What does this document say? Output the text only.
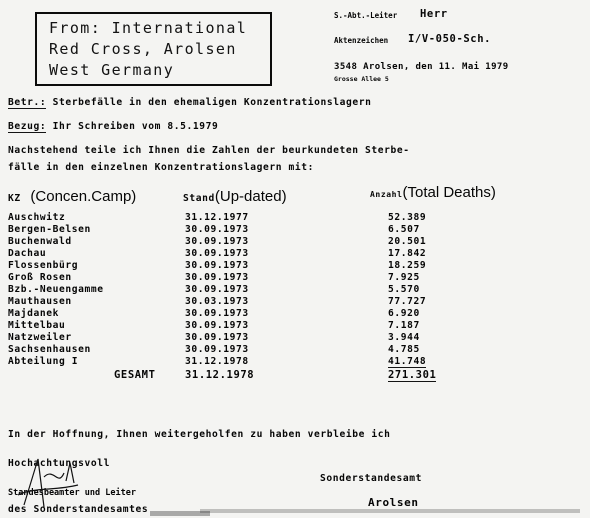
From: International
Red Cross, Arolsen
West Germany
S.-Abt.-Leiter Herr
Aktenzeichen I/V-050-Sch.
3548 Arolsen, den 11. Mai 1979
Grosse Allee 5
Betr.: Sterbefälle in den ehemaligen Konzentrationslagern
Bezug: Ihr Schreiben vom 8.5.1979
Nachstehend teile ich Ihnen die Zahlen der beurkundeten Sterbe-
fälle in den einzelnen Konzentrationslagern mit:
KZ (Concen.Camp)	Stand(Up-dated)	Anzahl(Total Deaths)
Auschwitz	31.12.1977	52.389
Bergen-Belsen	30.09.1973	6.507
Buchenwald	30.09.1973	20.501
Dachau	30.09.1973	17.842
Flossenbürg	30.09.1973	18.259
Groß Rosen	30.09.1973	7.925
Bzb.-Neuengamme	30.09.1973	5.570
Mauthausen	30.03.1973	77.727
Majdanek	30.09.1973	6.920
Mittelbau	30.09.1973	7.187
Natzweiler	30.09.1973	3.944
Sachsenhausen	30.09.1973	4.785
Abteilung I	31.12.1978	41.748
GESAMT	31.12.1978	271.301
In der Hoffnung, Ihnen weitergeholfen zu haben verbleibe ich
Hochachtungsvoll
Standesbeamter und Leiter
des Sonderstandesamtes
Sonderstandesamt
Arolsen
